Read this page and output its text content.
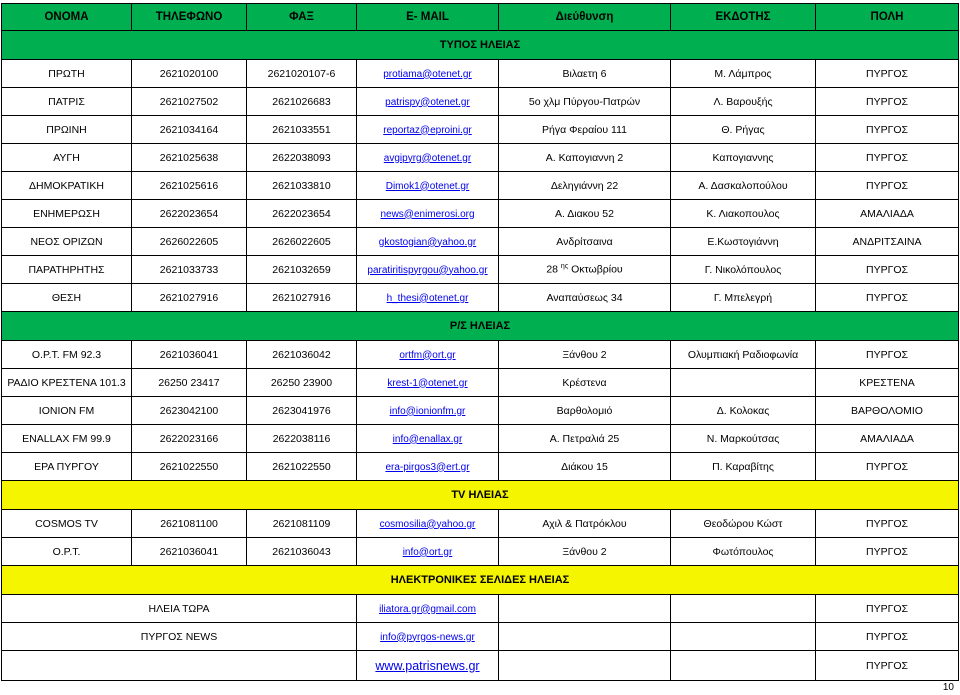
ΟΝΟΜΑ	ΤΗΛΕΦΩΝΟ	ΦΑΞ	Ε- MAIL	Διεύθυνση	ΕΚΔΟΤΗΣ	ΠΟΛΗ
ΤΥΠΟΣ ΗΛΕΙΑΣ						
ΠΡΩΤΗ	2621020100	2621020107-6	protiama@otenet.gr	Βιλαετη 6	Μ. Λάμπρος	ΠΥΡΓΟΣ
ΠΑΤΡΙΣ	2621027502	2621026683	patrispy@otenet.gr	5ο χλμ Πύργου-Πατρών	Λ. Βαρουξής	ΠΥΡΓΟΣ
ΠΡΩΙΝΗ	2621034164	2621033551	reportaz@eproini.gr	Ρήγα Φεραίου 111	Θ. Ρήγας	ΠΥΡΓΟΣ
ΑΥΓΗ	2621025638	2622038093	avgipyrg@otenet.gr	Α. Καπογιαννη 2	Καπογιαννης	ΠΥΡΓΟΣ
ΔΗΜΟΚΡΑΤΙΚΗ	2621025616	2621033810	Dimok1@otenet.gr	Δεληγιάννη 22	Α. Δασκαλοπούλου	ΠΥΡΓΟΣ
ΕΝΗΜΕΡΩΣΗ	2622023654	2622023654	news@enimerosi.org	Α. Διακου 52	Κ. Λιακοπουλος	ΑΜΑΛΙΑΔΑ
ΝΕΟΣ ΟΡΙΖΩΝ	2626022605	2626022605	gkostogian@yahoo.gr	Ανδρίτσαινα	Ε.Κωστογιάννη	ΑΝΔΡΙΤΣΑΙΝΑ
ΠΑΡΑΤΗΡΗΤΗΣ	2621033733	2621032659	paratiritispyrgou@yahoo.gr	28 $^{\eta\varsigma}$ Οκτωβρίου	Γ. Νικολόπουλος	ΠΥΡΓΟΣ
ΘΕΣΗ	2621027916	2621027916	h_thesi@otenet.gr	Αναπαύσεως 34	Γ. Μπελεγρή	ΠΥΡΓΟΣ
Ρ/Σ ΗΛΕΙΑΣ						
Ο.Ρ.Τ. FM 92.3	2621036041	2621036042	ortfm@ort.gr	Ξάνθου 2	Ολυμπιακή Ραδιοφωνία	ΠΥΡΓΟΣ
ΡΑΔΙΟ ΚΡΕΣΤΕΝΑ 101.3	26250 23417	26250 23900	krest-1@otenet.gr	Κρέστενα		ΚΡΕΣΤΕΝΑ
ΙΟΝΙΟΝ FM	2623042100	2623041976	info@ionionfm.gr	Βαρθολομιό	Δ. Κολοκας	ΒΑΡΘΟΛΟΜΙΟ
ENALLAX FM 99.9	2622023166	2622038116	info@enallax.gr	Α. Πετραλιά 25	Ν. Μαρκούτσας	ΑΜΑΛΙΑΔΑ
ΕΡΑ ΠΥΡΓΟΥ	2621022550	2621022550	era-pirgos3@ert.gr	Διάκου 15	Π. Καραβίτης	ΠΥΡΓΟΣ
TV ΗΛΕΙΑΣ						
COSMOS TV	2621081100	2621081109	cosmosilia@yahoo.gr	Αχιλ & Πατρόκλου	Θεοδώρου Κώστ	ΠΥΡΓΟΣ
Ο.Ρ.Τ.	2621036041	2621036043	info@ort.gr	Ξάνθου 2	Φωτόπουλος	ΠΥΡΓΟΣ
ΗΛΕΚΤΡΟΝΙΚΕΣ ΣΕΛΙΔΕΣ ΗΛΕΙΑΣ						
ΗΛΕΙΑ ΤΩΡΑ			iliatora.gr@gmail.com			ΠΥΡΓΟΣ
ΠΥΡΓΟΣ NEWS			info@pyrgos-news.gr			ΠΥΡΓΟΣ
			www.patrisnews.gr			ΠΥΡΓΟΣ
10
